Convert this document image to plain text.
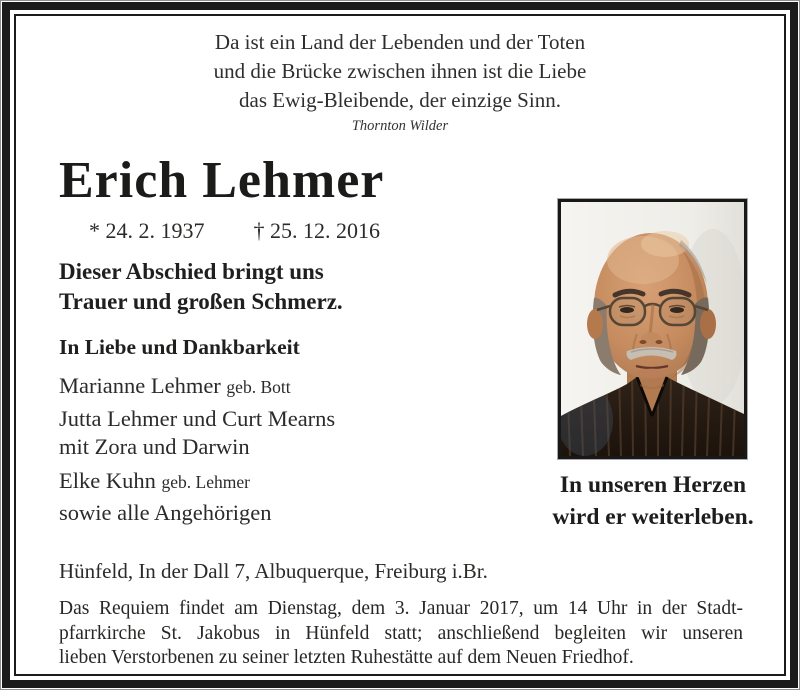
Da ist ein Land der Lebenden und der Toten
und die Brücke zwischen ihnen ist die Liebe
das Ewig-Bleibende, der einzige Sinn.
Thornton Wilder
Erich Lehmer
* 24. 2. 1937 † 25. 12. 2016
Dieser Abschied bringt uns
Trauer und großen Schmerz.
In Liebe und Dankbarkeit
Marianne Lehmer geb. Bott
Jutta Lehmer und Curt Mearns
mit Zora und Darwin
Elke Kuhn geb. Lehmer
sowie alle Angehörigen
In unseren Herzen
wird er weiterleben.
Hünfeld, In der Dall 7, Albuquerque, Freiburg i.Br.
Das Requiem findet am Dienstag, dem 3. Januar 2017, um 14 Uhr in der Stadt-
pfarrkirche St. Jakobus in Hünfeld statt; anschließend begleiten wir unseren
lieben Verstorbenen zu seiner letzten Ruhestätte auf dem Neuen Friedhof.
